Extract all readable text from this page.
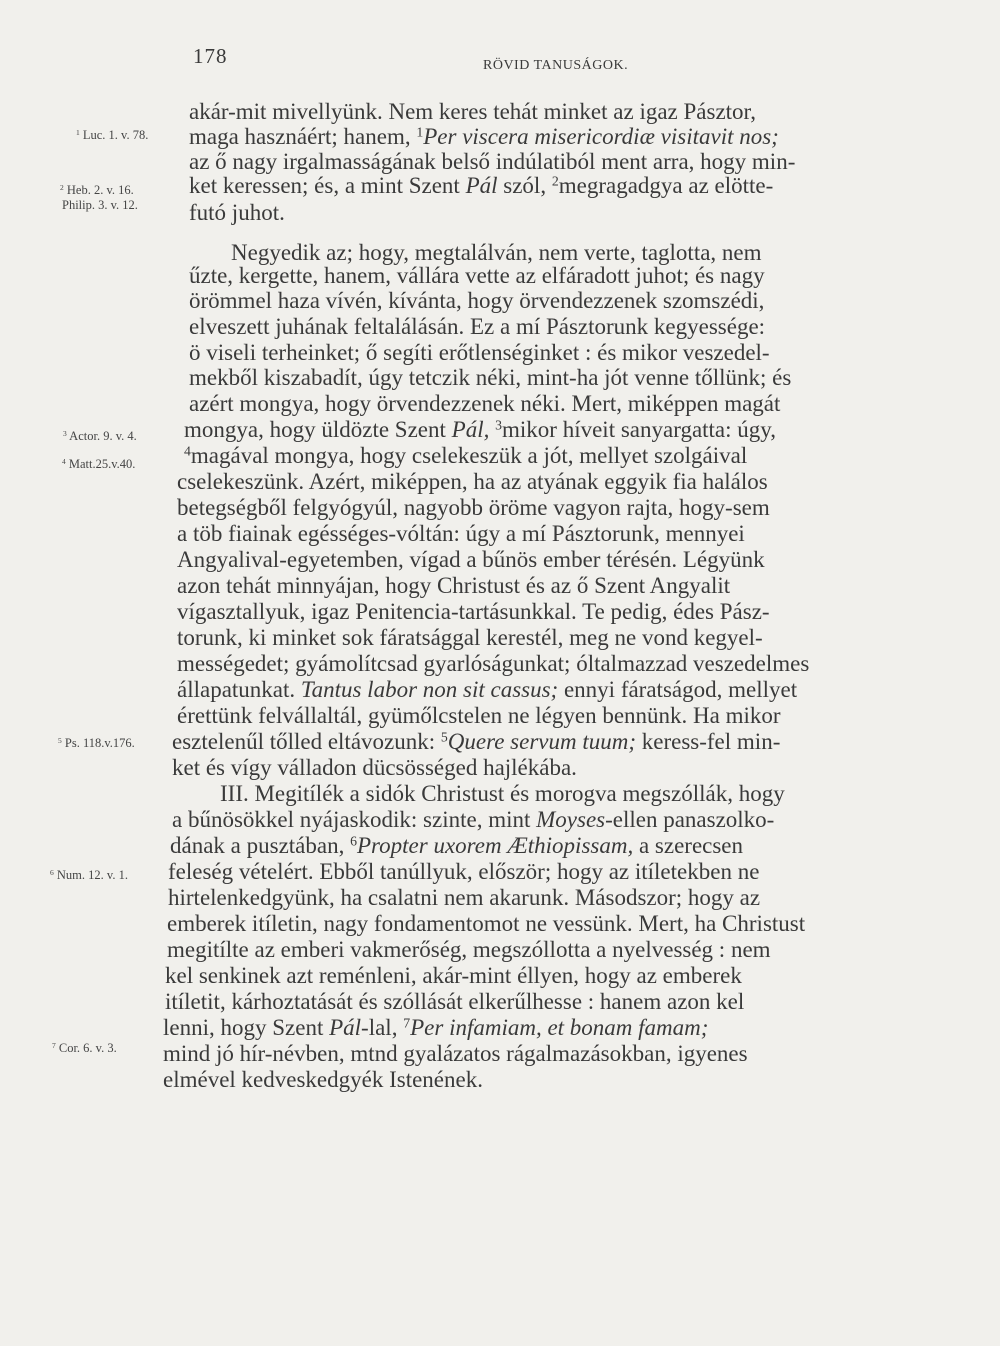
178	RÖVID TANUSÁGOK.
akár-mit mivellyünk. Nem keres tehát minket az igaz Pásztor,
maga hasznáért; hanem, $^1$Per viscera misericordiæ visitavit nos;
az ő nagy irgalmasságának belső indúlatiból ment arra, hogy min-
ket keressen; és, a mint Szent Pál szól, $^2$megragadgya az elötte-
futó juhot.
Negyedik az; hogy, megtalálván, nem verte, taglotta, nem
űzte, kergette, hanem, vállára vette az elfáradott juhot; és nagy
örömmel haza vívén, kívánta, hogy örvendezzenek szomszédi,
elveszett juhának feltalálásán. Ez a mí Pásztorunk kegyessége:
ö viseli terheinket; ő segíti erőtlenséginket : és mikor veszedel-
mekből kiszabadít, úgy tetczik néki, mint-ha jót venne tőllünk; és
azért mongya, hogy örvendezzenek néki. Mert, miképpen magát
mongya, hogy üldözte Szent Pál, $^3$mikor híveit sanyargatta: úgy,
$^4$magával mongya, hogy cselekeszük a jót, mellyet szolgáival
cselekeszünk. Azért, miképpen, ha az atyának eggyik fia halálos
betegségből felgyógyúl, nagyobb öröme vagyon rajta, hogy-sem
a töb fiainak egésséges-vóltán: úgy a mí Pásztorunk, mennyei
Angyalival-egyetemben, vígad a bűnös ember térésén. Légyünk
azon tehát minnyájan, hogy Christust és az ő Szent Angyalit
vígasztallyuk, igaz Penitencia-tartásunkkal. Te pedig, édes Pász-
torunk, ki minket sok fáratsággal kerestél, meg ne vond kegyel-
mességedet; gyámolítcsad gyarlóságunkat; óltalmazzad veszedelmes
állapatunkat. Tantus labor non sit cassus; ennyi fáratságod, mellyet
érettünk felvállaltál, gyümőlcstelen ne légyen bennünk. Ha mikor
esztelenűl tőlled eltávozunk: $^5$Quere servum tuum; keress-fel min-
ket és vígy válladon dücsösséged hajlékába.
III. Megitílék a sidók Christust és morogva megszóllák, hogy
a bűnösökkel nyájaskodik: szinte, mint Moyses-ellen panaszolko-
dának a pusztában, $^6$Propter uxorem Æthiopissam, a szerecsen
feleség vételért. Ebből tanúllyuk, először; hogy az itíletekben ne
hirtelenkedgyünk, ha csalatni nem akarunk. Másodszor; hogy az
emberek itíletin, nagy fondamentomot ne vessünk. Mert, ha Christust
megitílte az emberi vakmerőség, megszóllotta a nyelvesség : nem
kel senkinek azt reménleni, akár-mint éllyen, hogy az emberek
itíletit, kárhoztatását és szóllását elkerűlhesse : hanem azon kel
lenni, hogy Szent Pál-lal, $^7$Per infamiam, et bonam famam;
mind jó hír-névben, mtnd gyalázatos rágalmazásokban, igyenes
elmével kedveskedgyék Istenének.
$^1$ Luc. 1. v. 78.
$^2$ Heb. 2. v. 16.
Philip. 3. v. 12.
$^3$ Actor. 9. v. 4.
$^4$ Matt.25.v.40.
$^5$ Ps. 118.v.176.
$^6$ Num. 12. v. 1.
$^7$ Cor. 6. v. 3.
